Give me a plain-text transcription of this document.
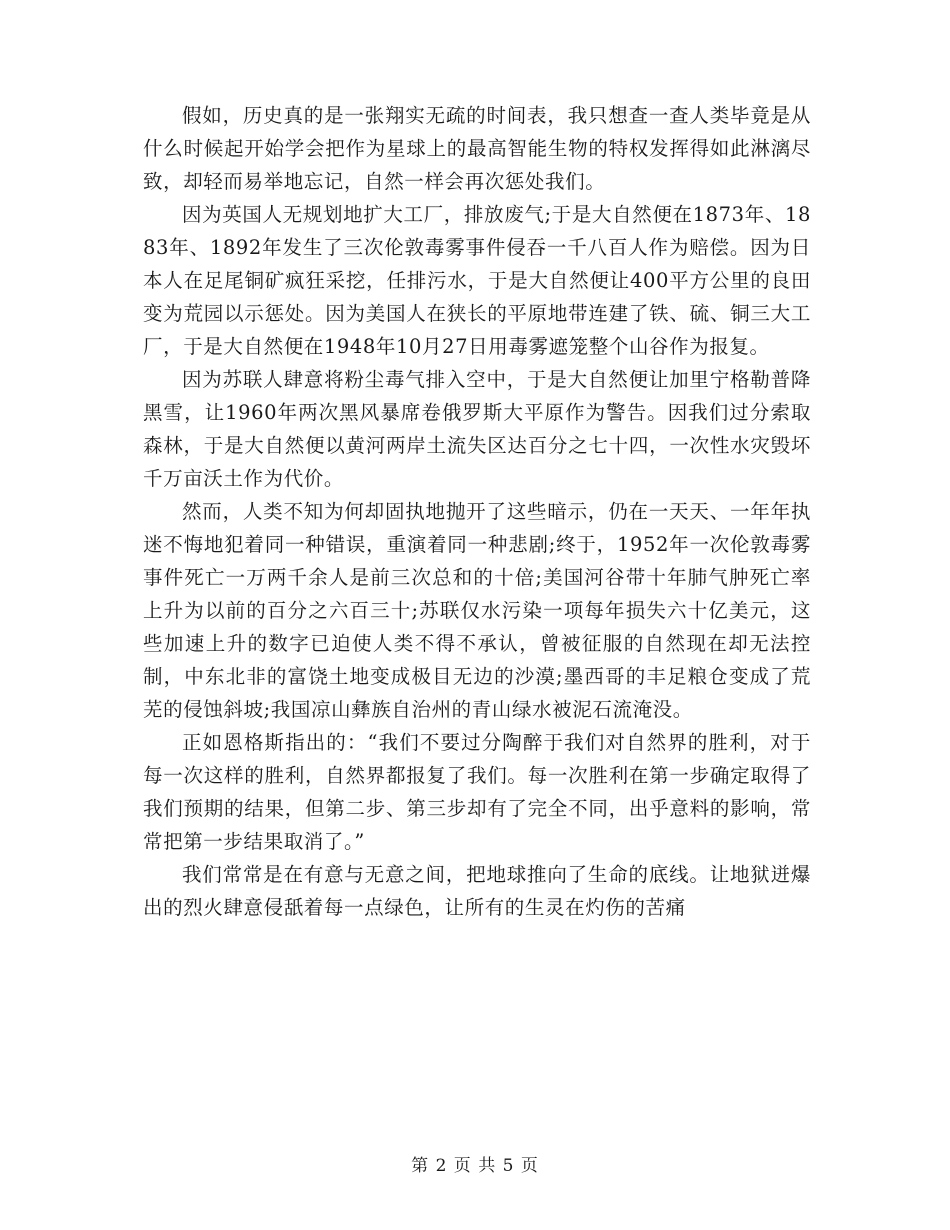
假如，历史真的是一张翔实无疏的时间表，我只想查一查人类毕竟是从什么时候起开始学会把作为星球上的最高智能生物的特权发挥得如此淋漓尽致，却轻而易举地忘记，自然一样会再次惩处我们。

因为英国人无规划地扩大工厂，排放废气;于是大自然便在1873年、1883年、1892年发生了三次伦敦毒雾事件侵吞一千八百人作为赔偿。因为日本人在足尾铜矿疯狂采挖，任排污水，于是大自然便让400平方公里的良田变为荒园以示惩处。因为美国人在狭长的平原地带连建了铁、硫、铜三大工厂，于是大自然便在1948年10月27日用毒雾遮笼整个山谷作为报复。

因为苏联人肆意将粉尘毒气排入空中，于是大自然便让加里宁格勒普降黑雪，让1960年两次黑风暴席卷俄罗斯大平原作为警告。因我们过分索取森林，于是大自然便以黄河两岸土流失区达百分之七十四，一次性水灾毁坏千万亩沃土作为代价。

然而，人类不知为何却固执地抛开了这些暗示，仍在一天天、一年年执迷不悔地犯着同一种错误，重演着同一种悲剧;终于，1952年一次伦敦毒雾事件死亡一万两千余人是前三次总和的十倍;美国河谷带十年肺气肿死亡率上升为以前的百分之六百三十;苏联仅水污染一项每年损失六十亿美元，这些加速上升的数字已迫使人类不得不承认，曾被征服的自然现在却无法控制，中东北非的富饶土地变成极目无边的沙漠;墨西哥的丰足粮仓变成了荒芜的侵蚀斜坡;我国凉山彝族自治州的青山绿水被泥石流淹没。

正如恩格斯指出的：“我们不要过分陶醉于我们对自然界的胜利，对于每一次这样的胜利，自然界都报复了我们。每一次胜利在第一步确定取得了我们预期的结果，但第二步、第三步却有了完全不同，出乎意料的影响，常常把第一步结果取消了。”

我们常常是在有意与无意之间，把地球推向了生命的底线。让地狱迸爆出的烈火肆意侵舐着每一点绿色，让所有的生灵在灼伤的苦痛

第 2 页 共 5 页
